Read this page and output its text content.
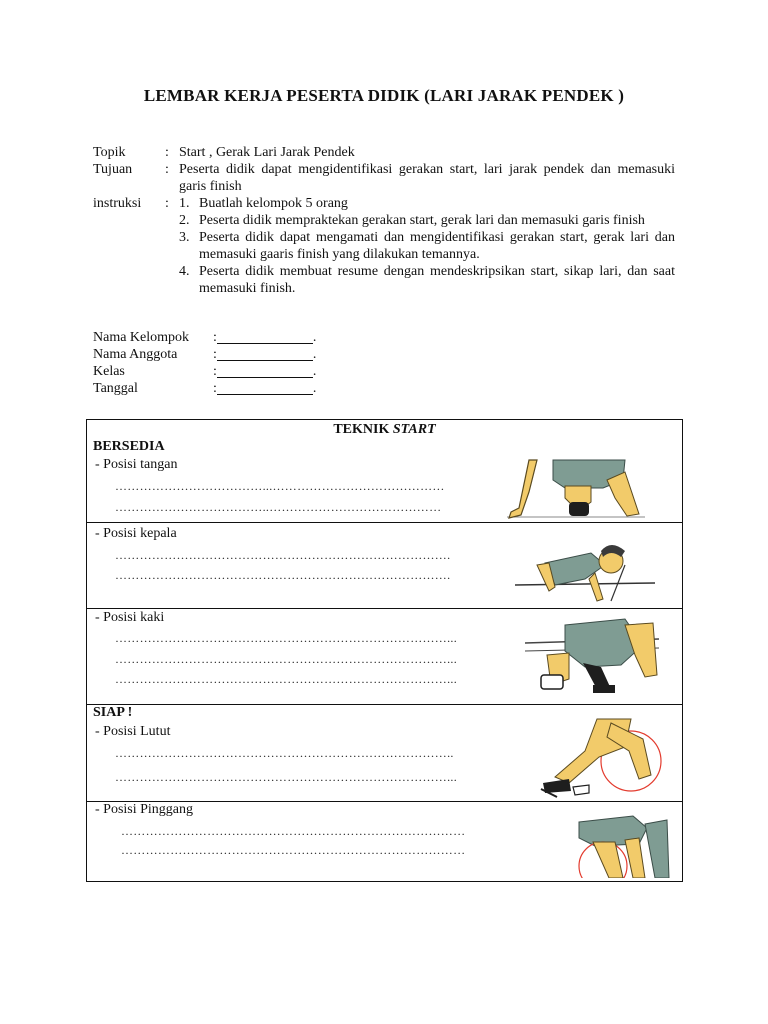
LEMBAR KERJA PESERTA DIDIK (LARI JARAK PENDEK )
Topik	: Start , Gerak Lari Jarak Pendek
Tujuan	: Peserta didik dapat mengidentifikasi gerakan start, lari jarak pendek dan memasuki garis finish
instruksi	: 1. Buatlah kelompok 5 orang
2. Peserta didik mempraktekan gerakan start, gerak lari dan memasuki garis finish
3. Peserta didik dapat mengamati dan mengidentifikasi gerakan start, gerak lari dan memasuki gaaris finish yang dilakukan temannya.
4. Peserta didik membuat resume dengan mendeskripsikan start, sikap lari, dan saat memasuki finish.
Nama Kelompok	:	.
Nama Anggota	:	.
Kelas	:	.
Tanggal	:	.
TEKNIK START
BERSEDIA
- Posisi tangan
………………………………...……………………………………
………………………………..……………………………………
- Posisi kepala
……………………………………………………………………….
……………………………………………………………………….
- Posisi kaki
………………………………………………………………………...
………………………………………………………………………...
………………………………………………………………………...
SIAP !
- Posisi Lutut
………………………………………………………………………..
………………………………………………………………………...
- Posisi Pinggang
…………………………………………………………………………
…………………………………………………………………………
